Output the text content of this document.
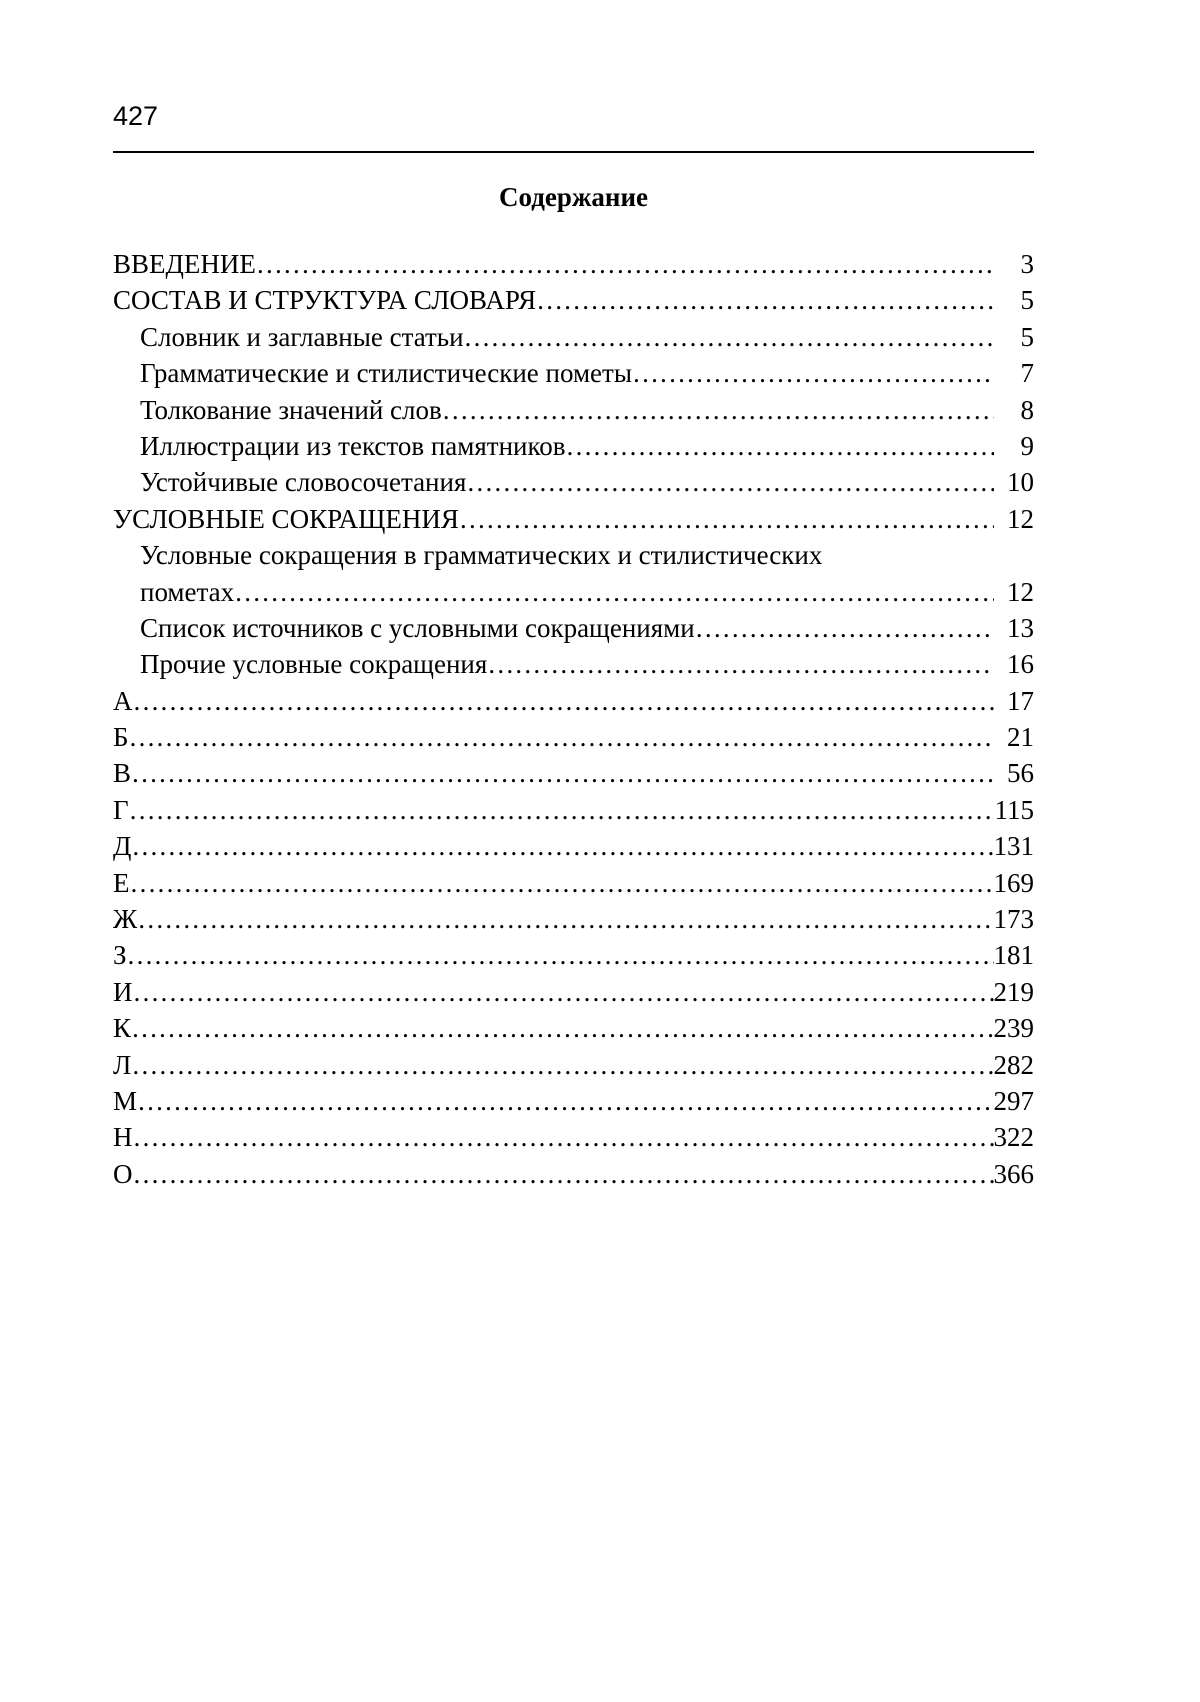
427
Содержание
ВВЕДЕНИЕ …………………………………………………………………………………………………………………………………………………………	3
СОСТАВ И СТРУКТУРА СЛОВАРЯ …………………………………………………………………………………………………………………………………………………………	5
Словник и заглавные статьи …………………………………………………………………………………………………………………………………………………………	5
Грамматические и стилистические пометы …………………………………………………………………………………………………………………………………………………………	7
Толкование значений слов …………………………………………………………………………………………………………………………………………………………	8
Иллюстрации из текстов памятников …………………………………………………………………………………………………………………………………………………………	9
Устойчивые словосочетания …………………………………………………………………………………………………………………………………………………………	10
УСЛОВНЫЕ СОКРАЩЕНИЯ …………………………………………………………………………………………………………………………………………………………	12
Условные сокращения в грамматических и стилистических
пометах …………………………………………………………………………………………………………………………………………………………	12
Список источников с условными сокращениями …………………………………………………………………………………………………………………………………………………………	13
Прочие условные сокращения …………………………………………………………………………………………………………………………………………………………	16
А …………………………………………………………………………………………………………………………………………………………	17
Б …………………………………………………………………………………………………………………………………………………………	21
В …………………………………………………………………………………………………………………………………………………………	56
Г …………………………………………………………………………………………………………………………………………………………	115
Д …………………………………………………………………………………………………………………………………………………………	131
Е …………………………………………………………………………………………………………………………………………………………	169
Ж …………………………………………………………………………………………………………………………………………………………	173
З …………………………………………………………………………………………………………………………………………………………	181
И …………………………………………………………………………………………………………………………………………………………	219
К …………………………………………………………………………………………………………………………………………………………	239
Л …………………………………………………………………………………………………………………………………………………………	282
М …………………………………………………………………………………………………………………………………………………………	297
Н …………………………………………………………………………………………………………………………………………………………	322
О …………………………………………………………………………………………………………………………………………………………	366
